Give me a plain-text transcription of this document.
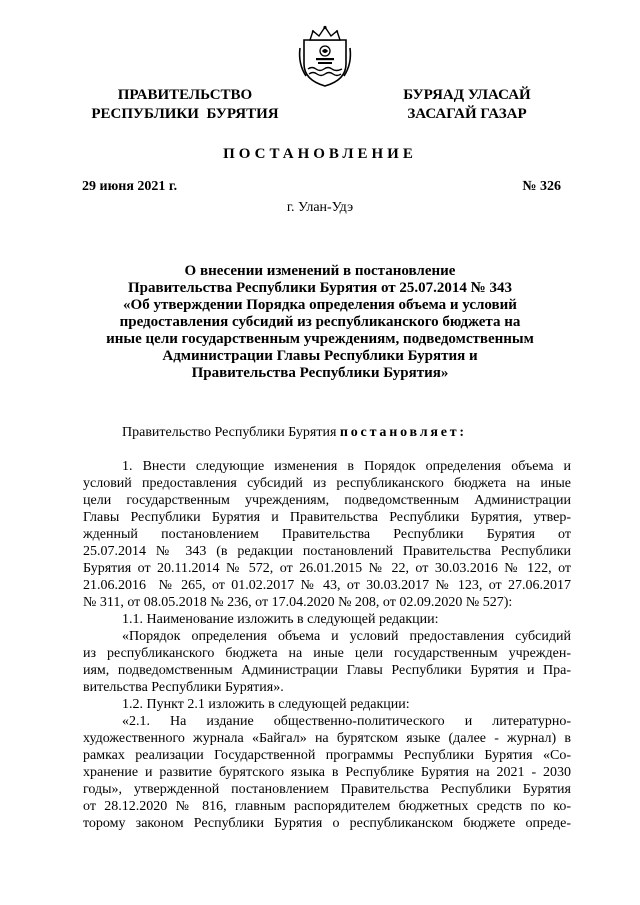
ПРАВИТЕЛЬСТВО
РЕСПУБЛИКИ  БУРЯТИЯ
БУРЯАД УЛАСАЙ
ЗАСАГАЙ ГАЗАР
ПОСТАНОВЛЕНИЕ
29 июня 2021 г.	№ 326
г. Улан-Удэ
О внесении изменений в постановление
Правительства Республики Бурятия от 25.07.2014 № 343
«Об утверждении Порядка определения объема и условий
предоставления субсидий из республиканского бюджета на
иные цели государственным учреждениям, подведомственным
Администрации Главы Республики Бурятия и
Правительства Республики Бурятия»
Правительство Республики Бурятия постановляет:
1. Внести следующие изменения в Порядок определения объема и
условий предоставления субсидий из республиканского бюджета на иные
цели государственным учреждениям, подведомственным Администрации
Главы Республики Бурятия и Правительства Республики Бурятия, утвер-
жденный постановлением Правительства Республики Бурятия от
25.07.2014 № 343 (в редакции постановлений Правительства Республики
Бурятия от 20.11.2014 № 572, от 26.01.2015 № 22, от 30.03.2016 № 122, от
21.06.2016  № 265, от 01.02.2017 № 43, от 30.03.2017 № 123, от 27.06.2017
№ 311, от 08.05.2018 № 236, от 17.04.2020 № 208, от 02.09.2020 № 527):
1.1. Наименование изложить в следующей редакции:
«Порядок определения объема и условий предоставления субсидий
из республиканского бюджета на иные цели государственным учрежден-
иям, подведомственным Администрации Главы Республики Бурятия и Пра-
вительства Республики Бурятия».
1.2. Пункт 2.1 изложить в следующей редакции:
«2.1. На издание общественно-политического и литературно-
художественного журнала «Байгал» на бурятском языке (далее - журнал) в
рамках реализации Государственной программы Республики Бурятия «Со-
хранение и развитие бурятского языка в Республике Бурятия на 2021 - 2030
годы», утвержденной постановлением Правительства Республики Бурятия
от 28.12.2020 № 816, главным распорядителем бюджетных средств по ко-
торому законом Республики Бурятия о республиканском бюджете опреде-
